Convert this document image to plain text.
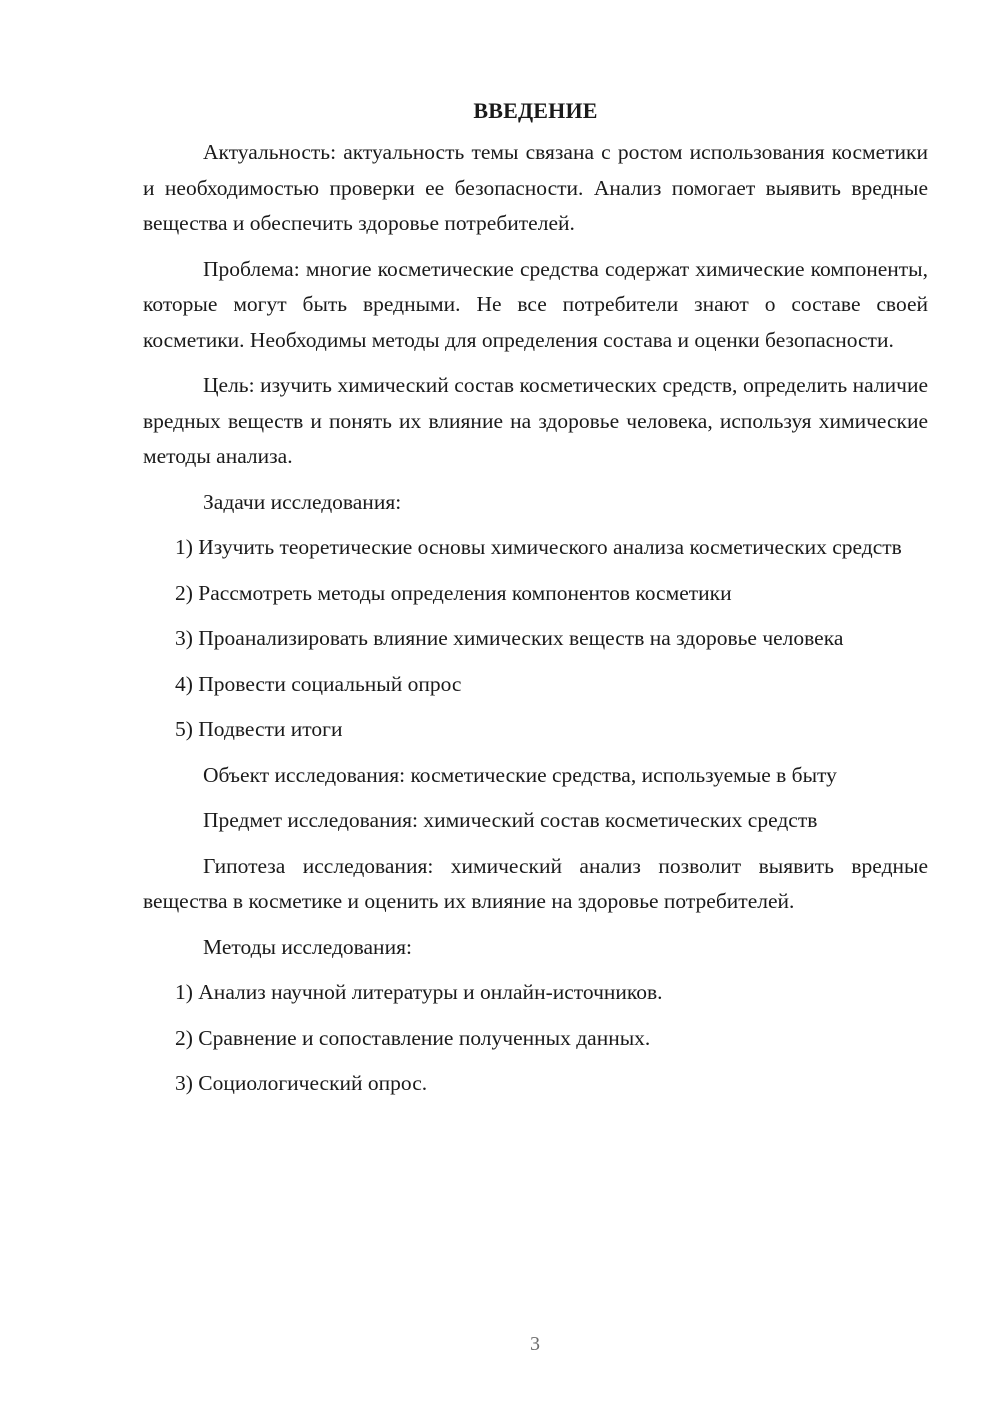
ВВЕДЕНИЕ

Актуальность: актуальность темы связана с ростом использования косметики и необходимостью проверки ее безопасности. Анализ помогает выявить вредные вещества и обеспечить здоровье потребителей.

Проблема: многие косметические средства содержат химические компоненты, которые могут быть вредными. Не все потребители знают о составе своей косметики. Необходимы методы для определения состава и оценки безопасности.

Цель: изучить химический состав косметических средств, определить наличие вредных веществ и понять их влияние на здоровье человека, используя химические методы анализа.

Задачи исследования:

1) Изучить теоретические основы химического анализа косметических средств

2) Рассмотреть методы определения компонентов косметики

3) Проанализировать влияние химических веществ на здоровье человека

4) Провести социальный опрос

5) Подвести итоги

Объект исследования: косметические средства, используемые в быту

Предмет исследования: химический состав косметических средств

Гипотеза исследования: химический анализ позволит выявить вредные вещества в косметике и оценить их влияние на здоровье потребителей.

Методы исследования:

1) Анализ научной литературы и онлайн-источников.

2) Сравнение и сопоставление полученных данных.

3) Социологический опрос.

3
